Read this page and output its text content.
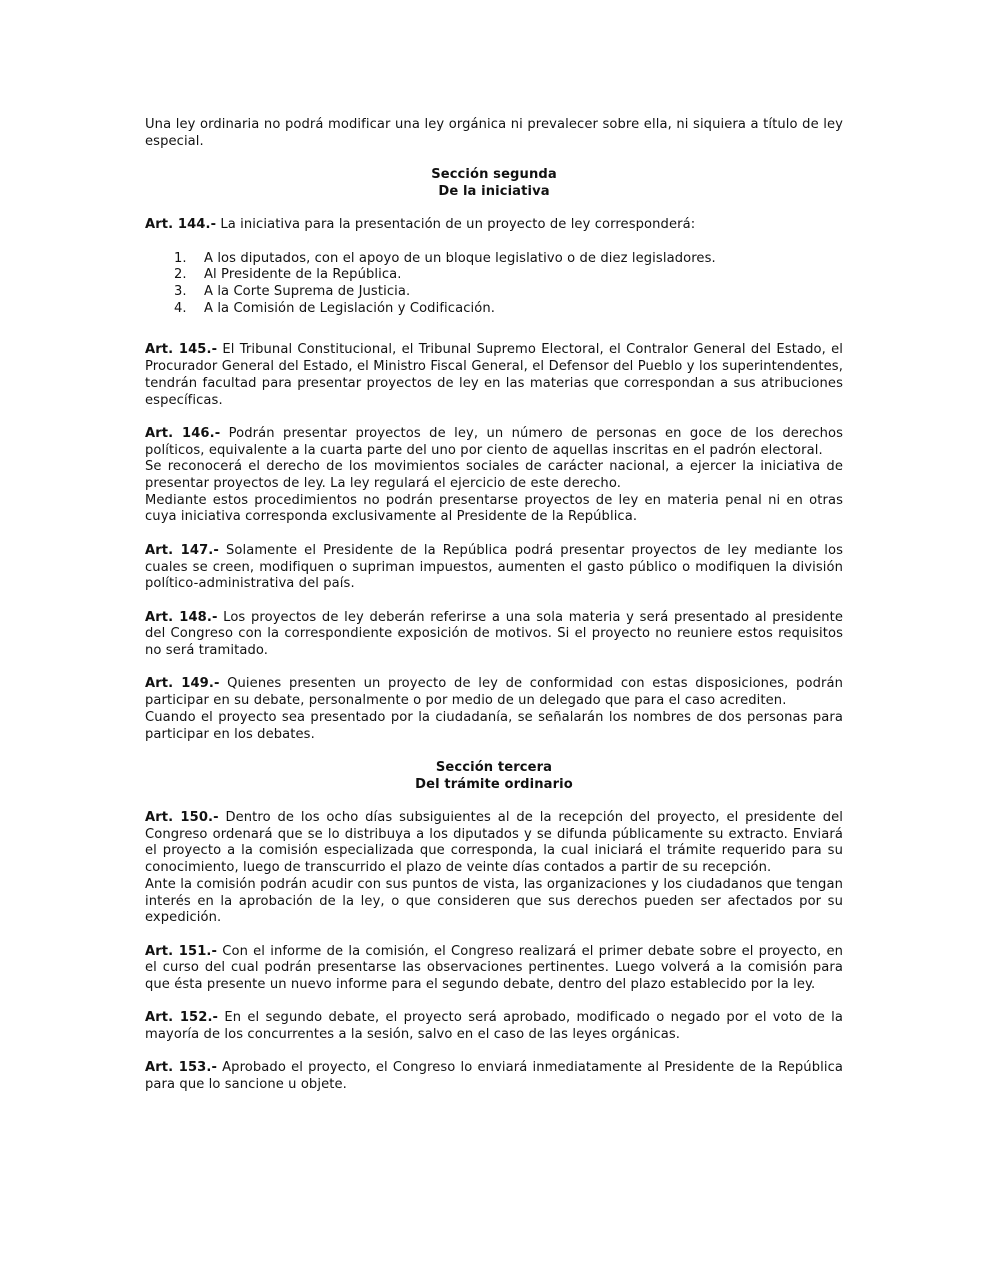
Una ley ordinaria no podrá modificar una ley orgánica ni prevalecer sobre ella, ni siquiera a título de ley especial.

Sección segunda
De la iniciativa

Art. 144.- La iniciativa para la presentación de un proyecto de ley corresponderá:

1. A los diputados, con el apoyo de un bloque legislativo o de diez legisladores.
2. Al Presidente de la República.
3. A la Corte Suprema de Justicia.
4. A la Comisión de Legislación y Codificación.

Art. 145.- El Tribunal Constitucional, el Tribunal Supremo Electoral, el Contralor General del Estado, el Procurador General del Estado, el Ministro Fiscal General, el Defensor del Pueblo y los superintendentes, tendrán facultad para presentar proyectos de ley en las materias que correspondan a sus atribuciones específicas.

Art. 146.- Podrán presentar proyectos de ley, un número de personas en goce de los derechos políticos, equivalente a la cuarta parte del uno por ciento de aquellas inscritas en el padrón electoral.

Se reconocerá el derecho de los movimientos sociales de carácter nacional, a ejercer la iniciativa de presentar proyectos de ley. La ley regulará el ejercicio de este derecho.

Mediante estos procedimientos no podrán presentarse proyectos de ley en materia penal ni en otras cuya iniciativa corresponda exclusivamente al Presidente de la República.

Art. 147.- Solamente el Presidente de la República podrá presentar proyectos de ley mediante los cuales se creen, modifiquen o supriman impuestos, aumenten el gasto público o modifiquen la división político-administrativa del país.

Art. 148.- Los proyectos de ley deberán referirse a una sola materia y será presentado al presidente del Congreso con la correspondiente exposición de motivos. Si el proyecto no reuniere estos requisitos no será tramitado.

Art. 149.- Quienes presenten un proyecto de ley de conformidad con estas disposiciones, podrán participar en su debate, personalmente o por medio de un delegado que para el caso acrediten.

Cuando el proyecto sea presentado por la ciudadanía, se señalarán los nombres de dos personas para participar en los debates.

Sección tercera
Del trámite ordinario

Art. 150.- Dentro de los ocho días subsiguientes al de la recepción del proyecto, el presidente del Congreso ordenará que se lo distribuya a los diputados y se difunda públicamente su extracto. Enviará el proyecto a la comisión especializada que corresponda, la cual iniciará el trámite requerido para su conocimiento, luego de transcurrido el plazo de veinte días contados a partir de su recepción.

Ante la comisión podrán acudir con sus puntos de vista, las organizaciones y los ciudadanos que tengan interés en la aprobación de la ley, o que consideren que sus derechos pueden ser afectados por su expedición.

Art. 151.- Con el informe de la comisión, el Congreso realizará el primer debate sobre el proyecto, en el curso del cual podrán presentarse las observaciones pertinentes. Luego volverá a la comisión para que ésta presente un nuevo informe para el segundo debate, dentro del plazo establecido por la ley.

Art. 152.- En el segundo debate, el proyecto será aprobado, modificado o negado por el voto de la mayoría de los concurrentes a la sesión, salvo en el caso de las leyes orgánicas.

Art. 153.- Aprobado el proyecto, el Congreso lo enviará inmediatamente al Presidente de la República para que lo sancione u objete.
